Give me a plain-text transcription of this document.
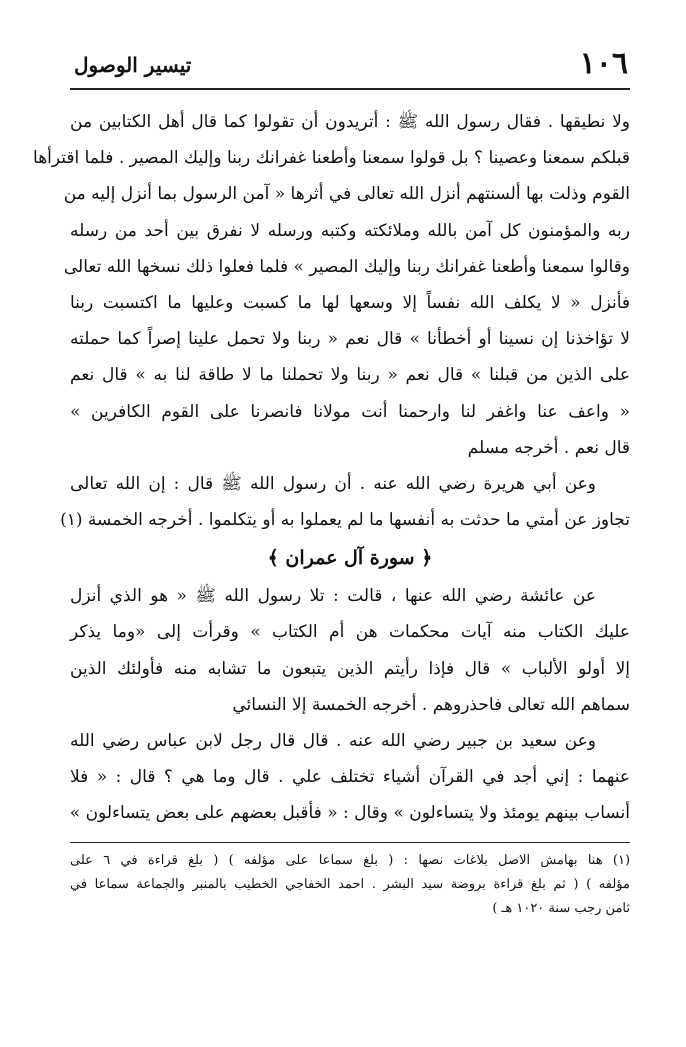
١٠٦
تيسير الوصول
ولا نطيقها . فقال رسول الله ﷺ : أتريدون أن تقولوا كما قال أهل الكتابين من
قبلكم سمعنا وعصينا ؟ بل قولوا سمعنا وأطعنا غفرانك ربنا وإليك المصير . فلما اقترأها
القوم وذلت بها ألسنتهم أنزل الله تعالى في أثرها « آمن الرسول بما أنزل إليه من
ربه والمؤمنون كل آمن بالله وملائكته وكتبه ورسله لا نفرق بين أحد من رسله
وقالوا سمعنا وأطعنا غفرانك ربنا وإليك المصير » فلما فعلوا ذلك نسخها الله تعالى
فأنزل « لا يكلف الله نفساً إلا وسعها لها ما كسبت وعليها ما اكتسبت ربنا
لا تؤاخذنا إن نسينا أو أخطأنا » قال نعم « ربنا ولا تحمل علينا إصراً كما حملته
على الذين من قبلنا » قال نعم « ربنا ولا تحملنا ما لا طاقة لنا به » قال نعم
« واعف عنا واغفر لنا وارحمنا أنت مولانا فانصرنا على القوم الكافرين »
قال نعم . أخرجه مسلم
وعن أبي هريرة رضي الله عنه . أن رسول الله ﷺ قال : إن الله تعالى
تجاوز عن أمتي ما حدثت به أنفسها ما لم يعملوا به أو يتكلموا . أخرجه الخمسة (١)
﴿ سورة آل عمران ﴾
عن عائشة رضي الله عنها ، قالت : تلا رسول الله ﷺ « هو الذي أنزل
عليك الكتاب منه آيات محكمات هن أم الكتاب » وقرأت إلى «وما يذكر
إلا أولو الألباب » قال فإذا رأيتم الذين يتبعون ما تشابه منه فأولئك الذين
سماهم الله تعالى فاحذروهم . أخرجه الخمسة إلا النسائي
وعن سعيد بن جبير رضي الله عنه . قال قال رجل لابن عباس رضي الله
عنهما : إني أجد في القرآن أشياء تختلف علي . قال وما هي ؟ قال : « فلا
أنساب بينهم يومئذ ولا يتساءلون » وقال : « فأقبل بعضهم على بعض يتساءلون »
(١) هنا بهامش الاصل بلاغات نصها : ( بلغ سماعا على مؤلفه ) ( بلغ قراءة في ٦ على
مؤلفه ) ( ثم بلغ قراءة بروضة سيد البشر . احمد الخفاجي الخطيب بالمنبر والجماعة سماعا في
ثامن رجب سنة ١٠٢٠ هـ )
